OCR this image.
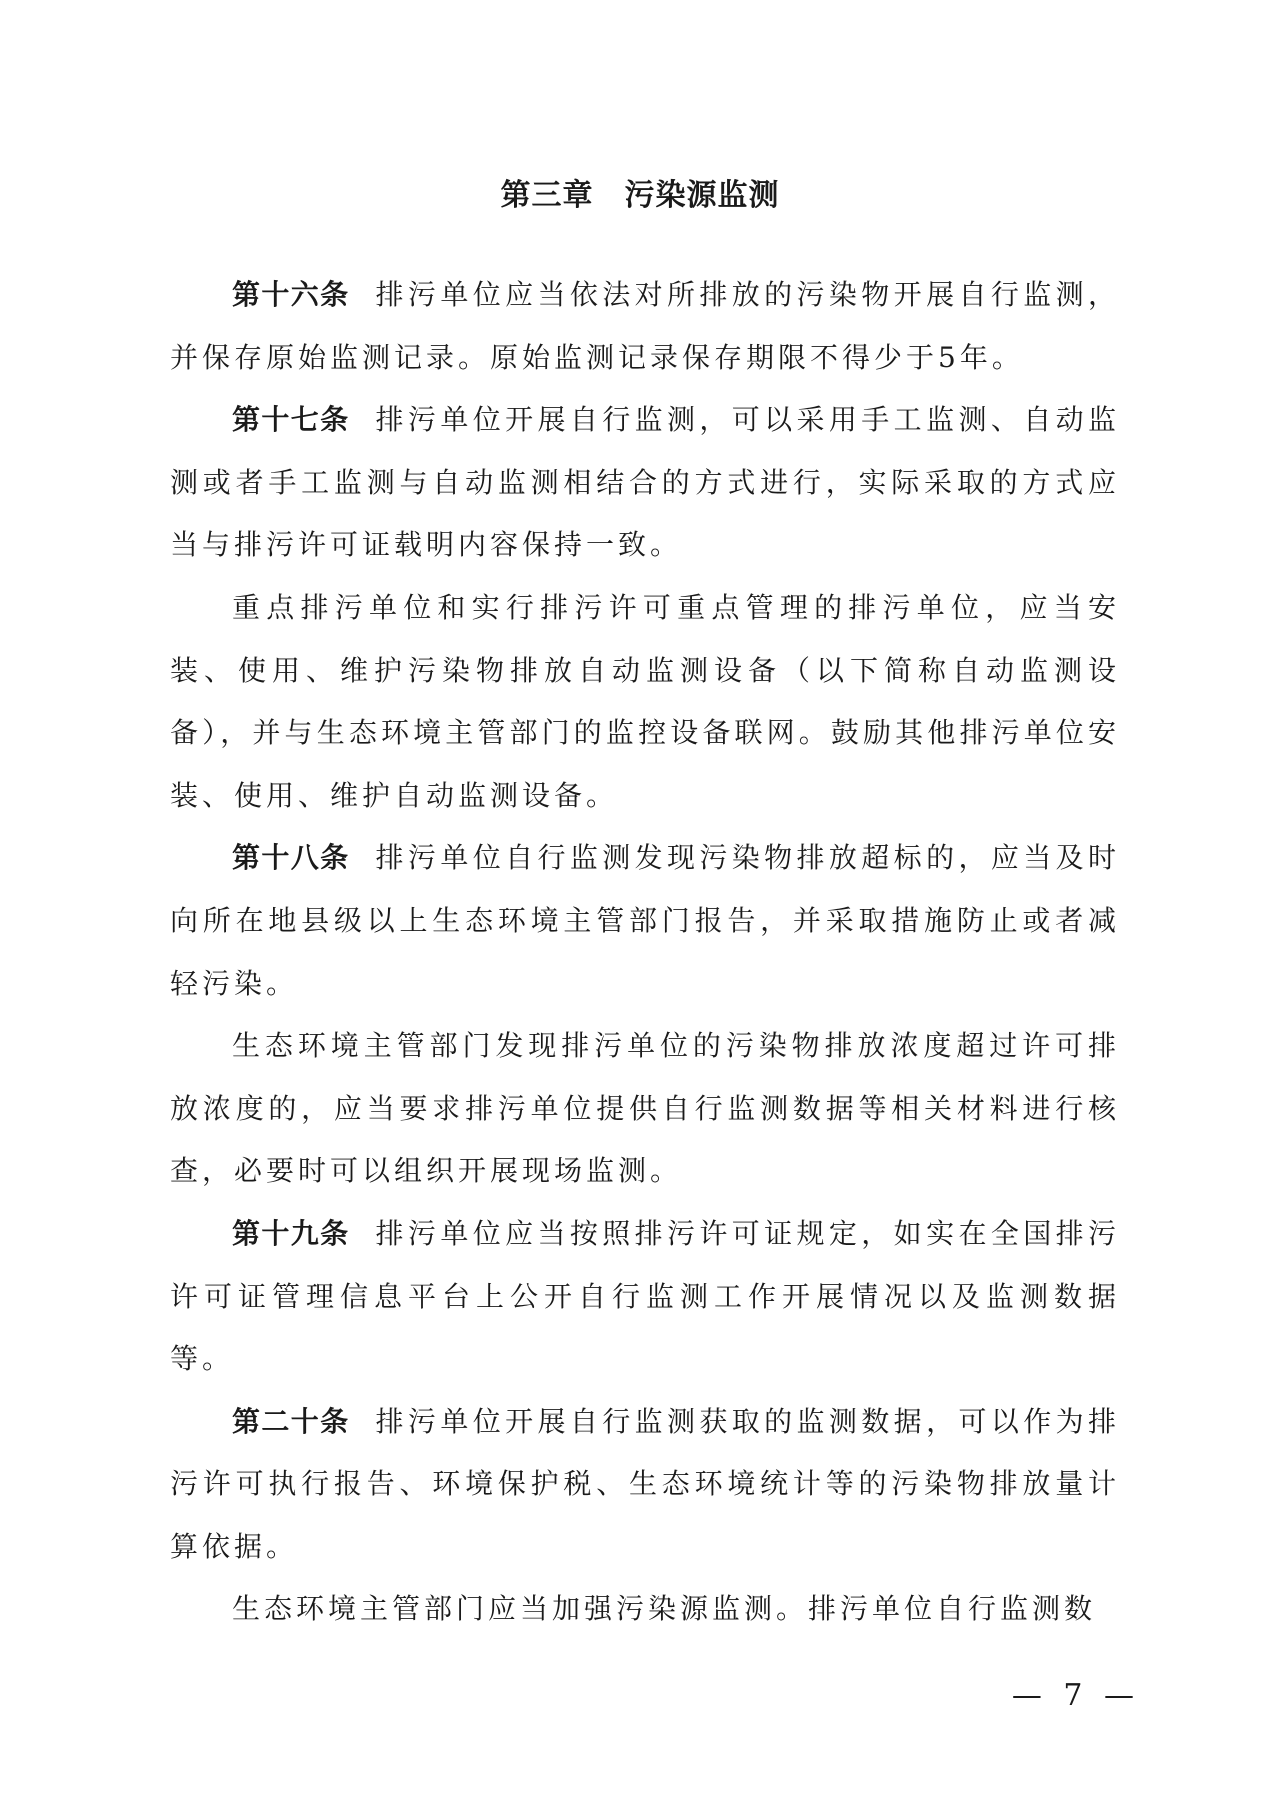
第三章　污染源监测

第十六条 排污单位应当依法对所排放的污染物开展自行监测，并保存原始监测记录。原始监测记录保存期限不得少于5年。

第十七条 排污单位开展自行监测，可以采用手工监测、自动监测或者手工监测与自动监测相结合的方式进行，实际采取的方式应当与排污许可证载明内容保持一致。

重点排污单位和实行排污许可重点管理的排污单位，应当安装、使用、维护污染物排放自动监测设备（以下简称自动监测设备），并与生态环境主管部门的监控设备联网。鼓励其他排污单位安装、使用、维护自动监测设备。

第十八条 排污单位自行监测发现污染物排放超标的，应当及时向所在地县级以上生态环境主管部门报告，并采取措施防止或者减轻污染。

生态环境主管部门发现排污单位的污染物排放浓度超过许可排放浓度的，应当要求排污单位提供自行监测数据等相关材料进行核查，必要时可以组织开展现场监测。

第十九条 排污单位应当按照排污许可证规定，如实在全国排污许可证管理信息平台上公开自行监测工作开展情况以及监测数据等。

第二十条 排污单位开展自行监测获取的监测数据，可以作为排污许可执行报告、环境保护税、生态环境统计等的污染物排放量计算依据。

生态环境主管部门应当加强污染源监测。排污单位自行监测数

— 7 —
